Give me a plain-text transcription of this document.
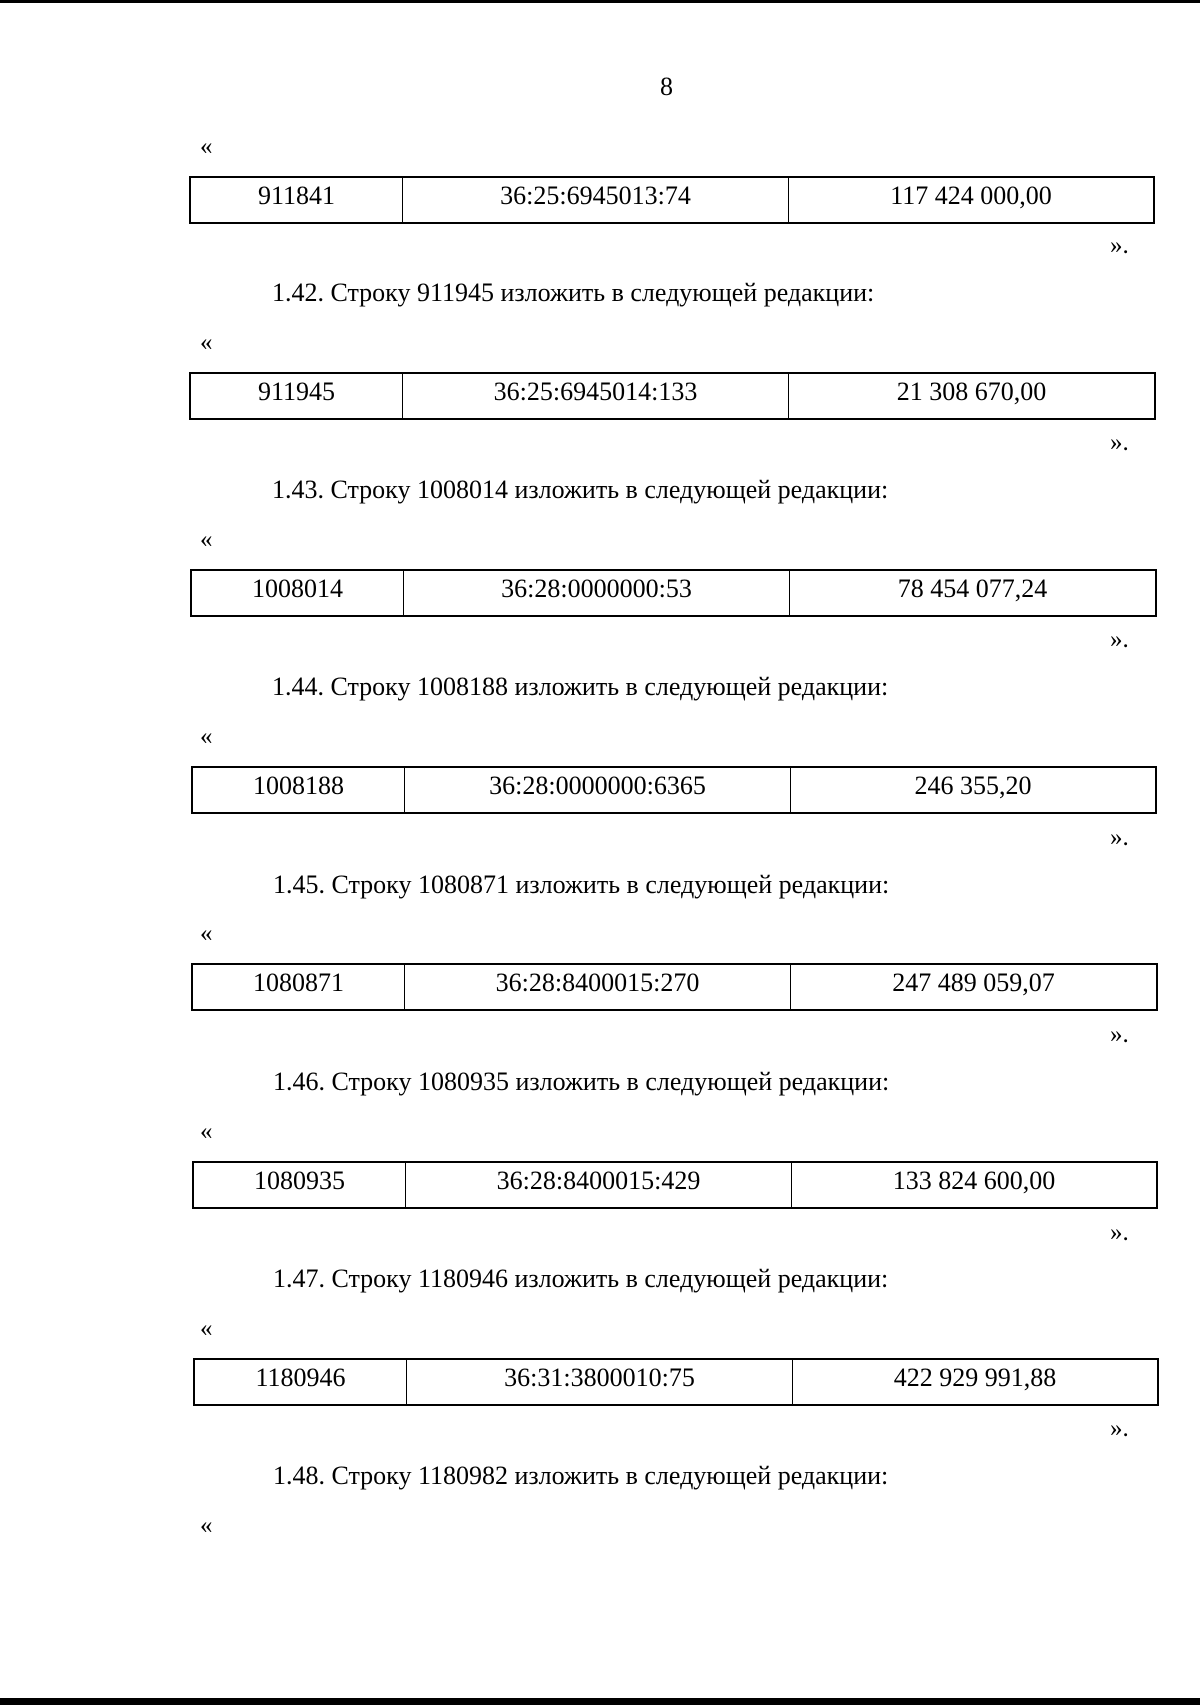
8
«
911841	36:25:6945013:74	117 424 000,00
».
1.42. Строку 911945 изложить в следующей редакции:
«
911945	36:25:6945014:133	21 308 670,00
».
1.43. Строку 1008014 изложить в следующей редакции:
«
1008014	36:28:0000000:53	78 454 077,24
».
1.44. Строку 1008188 изложить в следующей редакции:
«
1008188	36:28:0000000:6365	246 355,20
».
1.45. Строку 1080871 изложить в следующей редакции:
«
1080871	36:28:8400015:270	247 489 059,07
».
1.46. Строку 1080935 изложить в следующей редакции:
«
1080935	36:28:8400015:429	133 824 600,00
».
1.47. Строку 1180946 изложить в следующей редакции:
«
1180946	36:31:3800010:75	422 929 991,88
».
1.48. Строку 1180982 изложить в следующей редакции:
«
